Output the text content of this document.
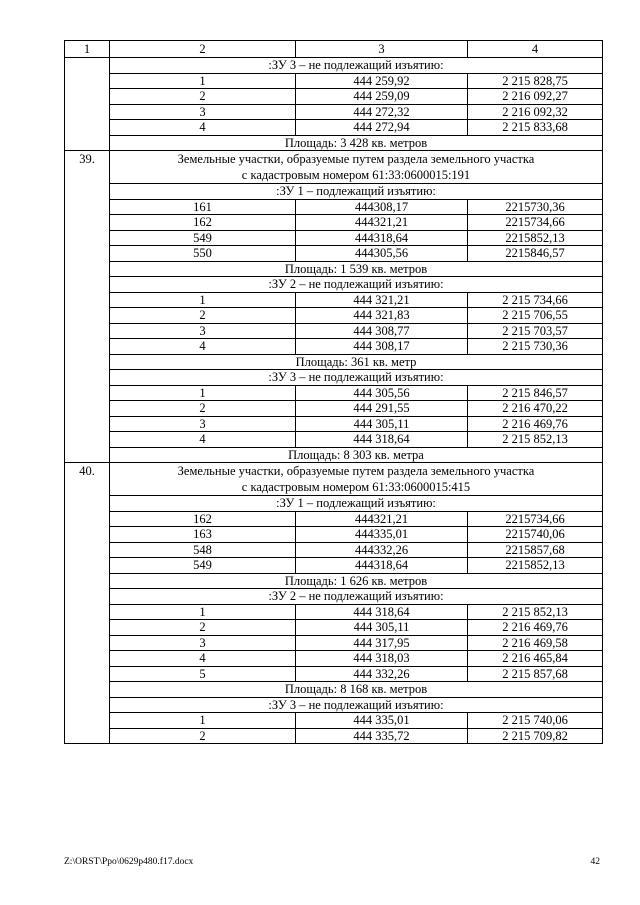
1	2	3	4
	:ЗУ 3 – не подлежащий изъятию:		
	1	444 259,92	2 215 828,75
	2	444 259,09	2 216 092,27
	3	444 272,32	2 216 092,32
	4	444 272,94	2 215 833,68
	Площадь: 3 428 кв. метров		
39.	Земельные участки, образуемые путем раздела земельного участка
с кадастровым номером 61:33:0600015:191		

	:ЗУ 1 – подлежащий изъятию:		
	161	444308,17	2215730,36
	162	444321,21	2215734,66
	549	444318,64	2215852,13
	550	444305,56	2215846,57
	Площадь: 1 539 кв. метров		
	:ЗУ 2 – не подлежащий изъятию:		
	1	444 321,21	2 215 734,66
	2	444 321,83	2 215 706,55
	3	444 308,77	2 215 703,57
	4	444 308,17	2 215 730,36
	Площадь: 361 кв. метр		
	:ЗУ 3 – не подлежащий изъятию:		
	1	444 305,56	2 215 846,57
	2	444 291,55	2 216 470,22
	3	444 305,11	2 216 469,76
	4	444 318,64	2 215 852,13
	Площадь: 8 303 кв. метра		
40.	Земельные участки, образуемые путем раздела земельного участка
с кадастровым номером 61:33:0600015:415		

	:ЗУ 1 – подлежащий изъятию:		
	162	444321,21	2215734,66
	163	444335,01	2215740,06
	548	444332,26	2215857,68
	549	444318,64	2215852,13
	Площадь: 1 626 кв. метров		
	:ЗУ 2 – не подлежащий изъятию:		
	1	444 318,64	2 215 852,13
	2	444 305,11	2 216 469,76
	3	444 317,95	2 216 469,58
	4	444 318,03	2 216 465,84
	5	444 332,26	2 215 857,68
	Площадь: 8 168 кв. метров		
	:ЗУ 3 – не подлежащий изъятию:		
	1	444 335,01	2 215 740,06
	2	444 335,72	2 215 709,82
Z:\ORST\Ppo\0629p480.f17.docx	42
